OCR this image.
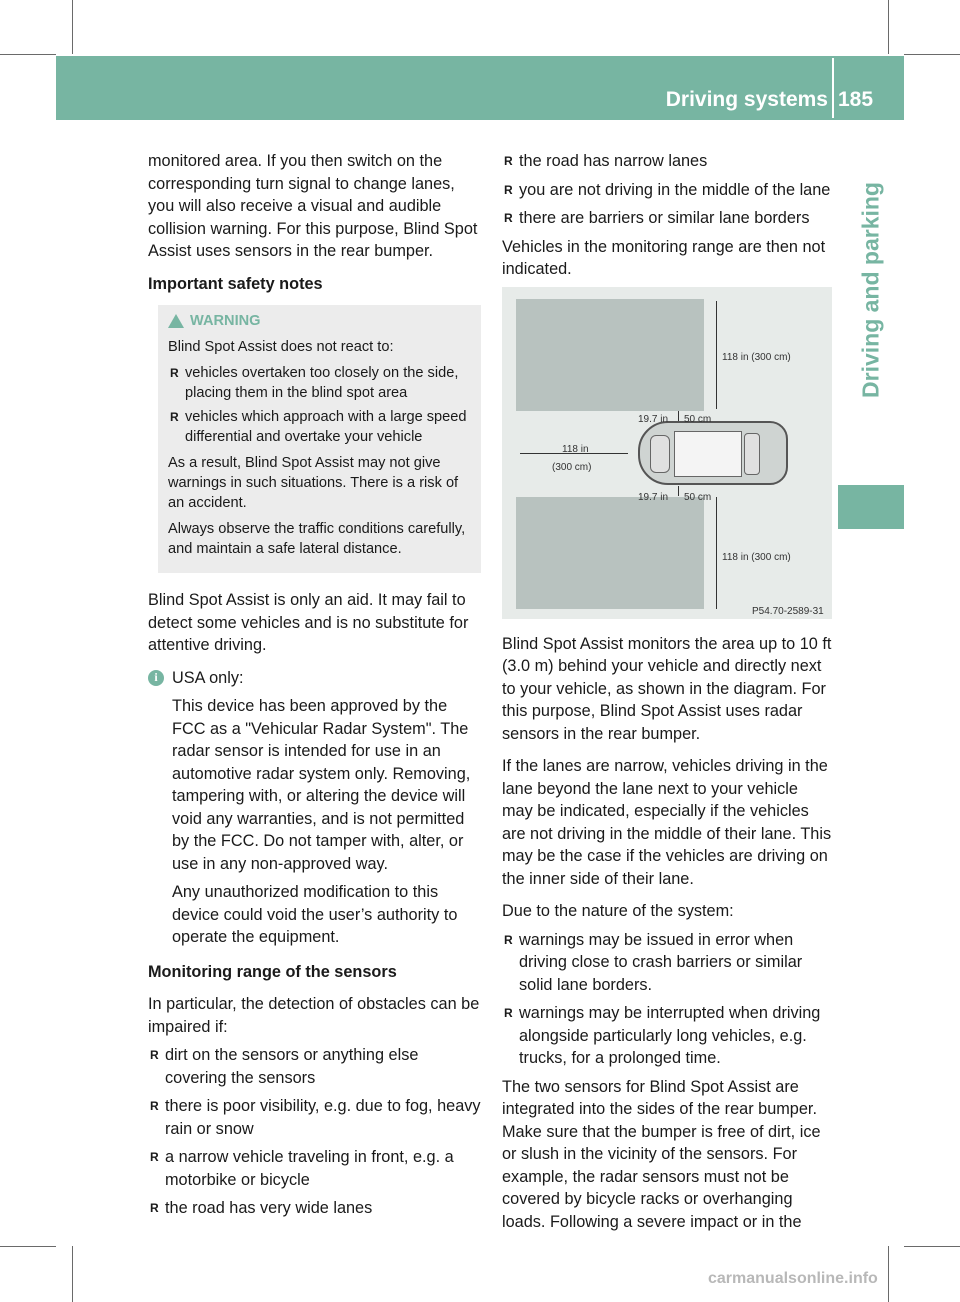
Driving systems 185
Driving and parking

monitored area. If you then switch on the corresponding turn signal to change lanes, you will also receive a visual and audible collision warning. For this purpose, Blind Spot Assist uses sensors in the rear bumper.

Important safety notes

WARNING

Blind Spot Assist does not react to:

R vehicles overtaken too closely on the side, placing them in the blind spot area
R vehicles which approach with a large speed differential and overtake your vehicle

As a result, Blind Spot Assist may not give warnings in such situations. There is a risk of an accident.

Always observe the traffic conditions carefully, and maintain a safe lateral distance.

Blind Spot Assist is only an aid. It may fail to detect some vehicles and is no substitute for attentive driving.

i USA only:

This device has been approved by the FCC as a "Vehicular Radar System". The radar sensor is intended for use in an automotive radar system only. Removing, tampering with, or altering the device will void any warranties, and is not permitted by the FCC. Do not tamper with, alter, or use in any non-approved way.

Any unauthorized modification to this device could void the user’s authority to operate the equipment.

Monitoring range of the sensors

In particular, the detection of obstacles can be impaired if:

R dirt on the sensors or anything else covering the sensors
R there is poor visibility, e.g. due to fog, heavy rain or snow
R a narrow vehicle traveling in front, e.g. a motorbike or bicycle
R the road has very wide lanes
R the road has narrow lanes
R you are not driving in the middle of the lane
R there are barriers or similar lane borders

Vehicles in the monitoring range are then not indicated.

118 in (300 cm)
19.7 in 50 cm
118 in
(300 cm)
19.7 in 50 cm
118 in (300 cm)
P54.70-2589-31

Blind Spot Assist monitors the area up to 10 ft (3.0 m) behind your vehicle and directly next to your vehicle, as shown in the diagram. For this purpose, Blind Spot Assist uses radar sensors in the rear bumper.

If the lanes are narrow, vehicles driving in the lane beyond the lane next to your vehicle may be indicated, especially if the vehicles are not driving in the middle of their lane. This may be the case if the vehicles are driving on the inner side of their lane.

Due to the nature of the system:

R warnings may be issued in error when driving close to crash barriers or similar solid lane borders.
R warnings may be interrupted when driving alongside particularly long vehicles, e.g. trucks, for a prolonged time.

The two sensors for Blind Spot Assist are integrated into the sides of the rear bumper. Make sure that the bumper is free of dirt, ice or slush in the vicinity of the sensors. For example, the radar sensors must not be covered by bicycle racks or overhanging loads. Following a severe impact or in the

carmanualsonline.info
